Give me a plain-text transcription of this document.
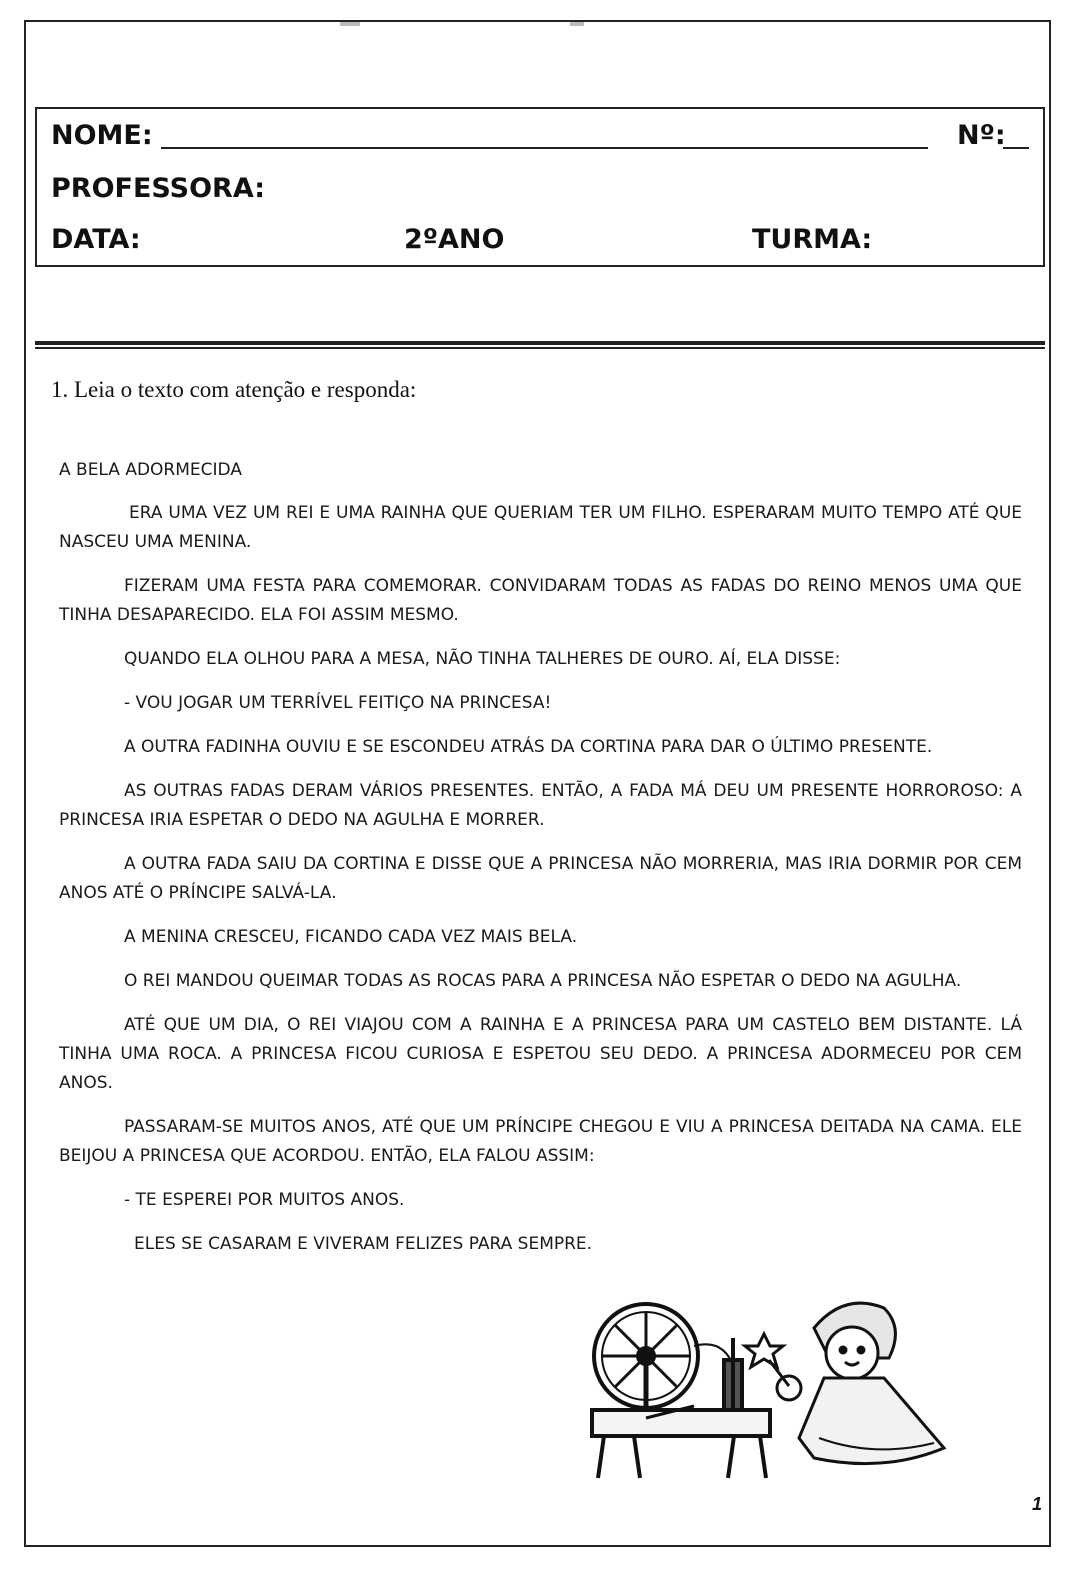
NOME:	Nº:
PROFESSORA:
DATA:	2ºANO	TURMA:
1. Leia o texto com atenção e responda:

A BELA ADORMECIDA

ERA UMA VEZ UM REI E UMA RAINHA QUE QUERIAM TER UM FILHO. ESPERARAM MUITO TEMPO ATÉ QUE NASCEU UMA MENINA.

FIZERAM UMA FESTA PARA COMEMORAR. CONVIDARAM TODAS AS FADAS DO REINO MENOS UMA QUE TINHA DESAPARECIDO. ELA FOI ASSIM MESMO.

QUANDO ELA OLHOU PARA A MESA, NÃO TINHA TALHERES DE OURO. AÍ, ELA DISSE:

- VOU JOGAR UM TERRÍVEL FEITIÇO NA PRINCESA!

A OUTRA FADINHA OUVIU E SE ESCONDEU ATRÁS DA CORTINA PARA DAR O ÚLTIMO PRESENTE.

AS OUTRAS FADAS DERAM VÁRIOS PRESENTES. ENTÃO, A FADA MÁ DEU UM PRESENTE HORROROSO: A PRINCESA IRIA ESPETAR O DEDO NA AGULHA E MORRER.

A OUTRA FADA SAIU DA CORTINA E DISSE QUE A PRINCESA NÃO MORRERIA, MAS IRIA DORMIR POR CEM ANOS ATÉ O PRÍNCIPE SALVÁ-LA.

A MENINA CRESCEU, FICANDO CADA VEZ MAIS BELA.

O REI MANDOU QUEIMAR TODAS AS ROCAS PARA A PRINCESA NÃO ESPETAR O DEDO NA AGULHA.

ATÉ QUE UM DIA, O REI VIAJOU COM A RAINHA E A PRINCESA PARA UM CASTELO BEM DISTANTE. LÁ TINHA UMA ROCA. A PRINCESA FICOU CURIOSA E ESPETOU SEU DEDO. A PRINCESA ADORMECEU POR CEM ANOS.

PASSARAM-SE MUITOS ANOS, ATÉ QUE UM PRÍNCIPE CHEGOU E VIU A PRINCESA DEITADA NA CAMA. ELE BEIJOU A PRINCESA QUE ACORDOU. ENTÃO, ELA FALOU ASSIM:

- TE ESPEREI POR MUITOS ANOS.

ELES SE CASARAM E VIVERAM FELIZES PARA SEMPRE.

1
